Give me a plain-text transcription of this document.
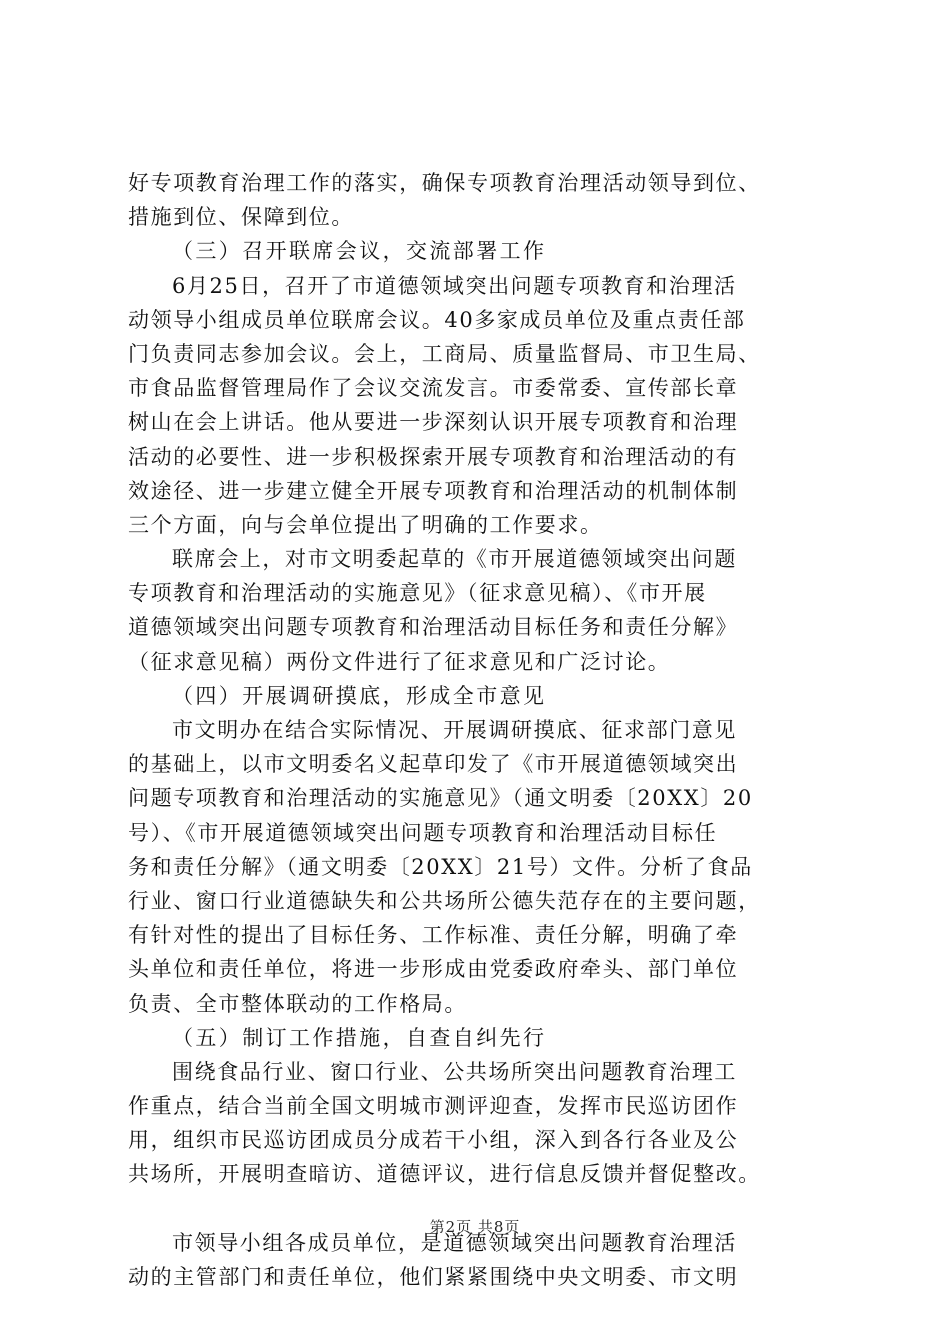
好专项教育治理工作的落实，确保专项教育治理活动领导到位、
措施到位、保障到位。
（三）召开联席会议，交流部署工作
6月25日，召开了市道德领域突出问题专项教育和治理活
动领导小组成员单位联席会议。40多家成员单位及重点责任部
门负责同志参加会议。会上，工商局、质量监督局、市卫生局、
市食品监督管理局作了会议交流发言。市委常委、宣传部长章
树山在会上讲话。他从要进一步深刻认识开展专项教育和治理
活动的必要性、进一步积极探索开展专项教育和治理活动的有
效途径、进一步建立健全开展专项教育和治理活动的机制体制
三个方面，向与会单位提出了明确的工作要求。
联席会上，对市文明委起草的《市开展道德领域突出问题
专项教育和治理活动的实施意见》（征求意见稿）、《市开展
道德领域突出问题专项教育和治理活动目标任务和责任分解》
（征求意见稿）两份文件进行了征求意见和广泛讨论。
（四）开展调研摸底，形成全市意见
市文明办在结合实际情况、开展调研摸底、征求部门意见
的基础上，以市文明委名义起草印发了《市开展道德领域突出
问题专项教育和治理活动的实施意见》（通文明委〔20XX〕20
号）、《市开展道德领域突出问题专项教育和治理活动目标任
务和责任分解》（通文明委〔20XX〕21号）文件。分析了食品
行业、窗口行业道德缺失和公共场所公德失范存在的主要问题，
有针对性的提出了目标任务、工作标准、责任分解，明确了牵
头单位和责任单位，将进一步形成由党委政府牵头、部门单位
负责、全市整体联动的工作格局。
（五）制订工作措施，自查自纠先行
围绕食品行业、窗口行业、公共场所突出问题教育治理工
作重点，结合当前全国文明城市测评迎查，发挥市民巡访团作
用，组织市民巡访团成员分成若干小组，深入到各行各业及公
共场所，开展明查暗访、道德评议，进行信息反馈并督促整改。
市领导小组各成员单位，是道德领域突出问题教育治理活
动的主管部门和责任单位，他们紧紧围绕中央文明委、市文明
第2页 共8页
